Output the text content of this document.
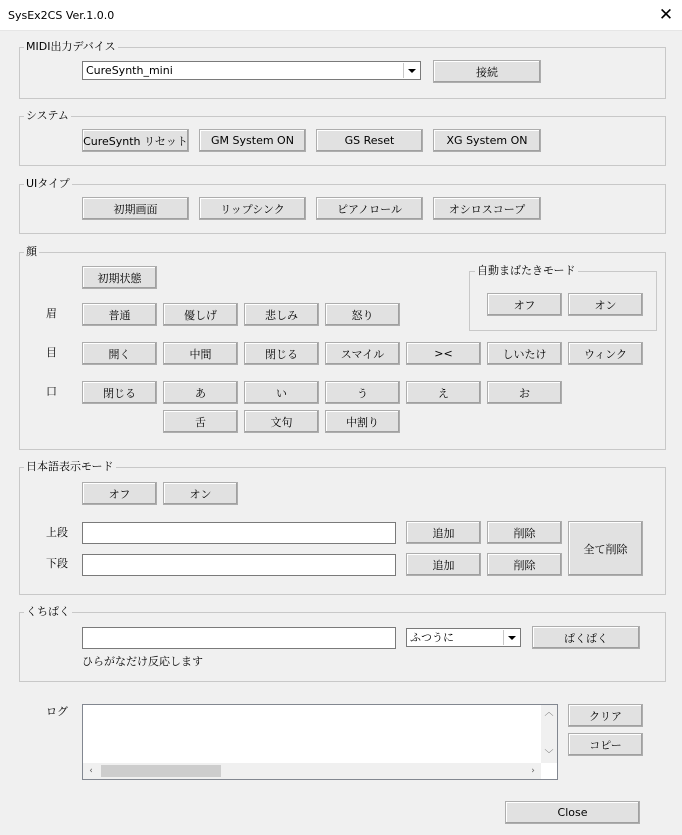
SysEx2CS Ver.1.0.0	✕
MIDI出力デバイス
CureSynth_mini	接続
システム
CureSynth リセット	GM System ON	GS Reset	XG System ON
UIタイプ
初期画面	リップシンク	ピアノロール	オシロスコープ
顔
初期状態
自動まばたきモード
オフ	オン
眉	普通	優しげ	悲しみ	怒り
目	開く	中間	閉じる	スマイル	><	しいたけ	ウィンク
口	閉じる	あ	い	う	え	お
舌	文句	中割り
日本語表示モード
オフ	オン
上段	追加	削除
下段	追加	削除
全て削除
くちぱく
ふつうに	ぱくぱく
ひらがなだけ反応します
ログ	︿
﹀
‹	›
クリア
コピー
Close
